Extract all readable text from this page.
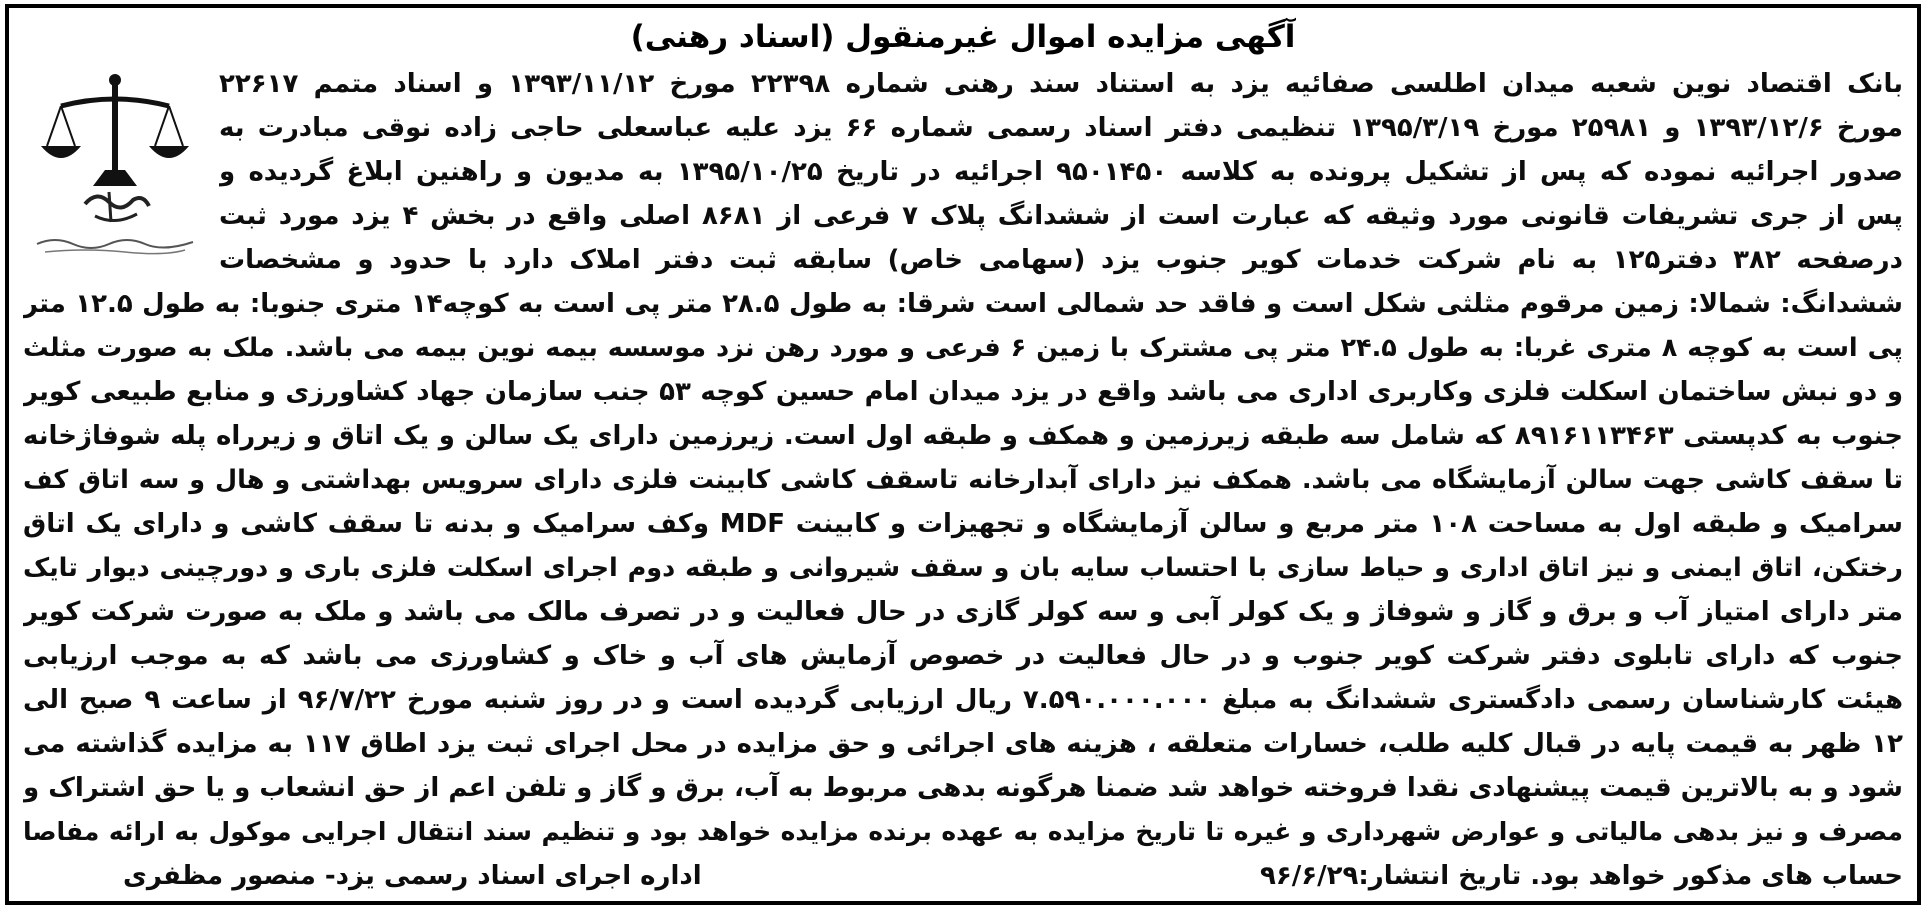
آگهی مزایده اموال غیرمنقول (اسناد رهنی)
بانک اقتصاد نوین شعبه میدان اطلسی صفائیه یزد به استناد سند رهنی شماره ۲۲۳۹۸ مورخ ۱۳۹۳/۱۱/۱۲ و اسناد متمم ۲۲۶۱۷
مورخ ۱۳۹۳/۱۲/۶ و ۲۵۹۸۱ مورخ ۱۳۹۵/۳/۱۹ تنظیمی دفتر اسناد رسمی شماره ۶۶ یزد علیه عباسعلی حاجی زاده نوقی مبادرت به
صدور اجرائیه نموده که پس از تشکیل پرونده به کلاسه ۹۵۰۱۴۵۰ اجرائیه در تاریخ ۱۳۹۵/۱۰/۲۵ به مدیون و راهنین ابلاغ گردیده و
پس از جری تشریفات قانونی مورد وثیقه که عبارت است از ششدانگ پلاک ۷ فرعی از ۸۶۸۱ اصلی واقع در بخش ۴ یزد مورد ثبت
درصفحه ۳۸۲ دفتر۱۲۵ به نام شرکت خدمات کویر جنوب یزد (سهامی خاص) سابقه ثبت دفتر املاک دارد با حدود و مشخصات
ششدانگ: شمالا: زمین مرقوم مثلثی شکل است و فاقد حد شمالی است شرقا: به طول ۲۸.۵ متر پی است به کوچه۱۴ متری جنوبا: به طول ۱۲.۵ متر
پی است به کوچه ۸ متری غربا: به طول ۲۴.۵ متر پی مشترک با زمین ۶ فرعی و مورد رهن نزد موسسه بیمه نوین بیمه می باشد. ملک به صورت مثلث
و دو نبش ساختمان اسکلت فلزی وکاربری اداری می باشد واقع در یزد میدان امام حسین کوچه ۵۳ جنب سازمان جهاد کشاورزی و منابع طبیعی کویر
جنوب به کدپستی ۸۹۱۶۱۱۳۴۶۳ که شامل سه طبقه زیرزمین و همکف و طبقه اول است. زیرزمین دارای یک سالن و یک اتاق و زیرراه پله شوفاژخانه
تا سقف کاشی جهت سالن آزمایشگاه می باشد. همکف نیز دارای آبدارخانه تاسقف کاشی کابینت فلزی دارای سرویس بهداشتی و هال و سه اتاق کف
سرامیک و طبقه اول به مساحت ۱۰۸ متر مربع و سالن آزمایشگاه و تجهیزات و کابینت MDF وکف سرامیک و بدنه تا سقف کاشی و دارای یک اتاق
رختکن، اتاق ایمنی و نیز اتاق اداری و حیاط سازی با احتساب سایه بان و سقف شیروانی و طبقه دوم اجرای اسکلت فلزی باری و دورچینی دیوار تایک
متر دارای امتیاز آب و برق و گاز و شوفاژ و یک کولر آبی و سه کولر گازی در حال فعالیت و در تصرف مالک می باشد و ملک به صورت شرکت کویر
جنوب که دارای تابلوی دفتر شرکت کویر جنوب و در حال فعالیت در خصوص آزمایش های آب و خاک و کشاورزی می باشد که به موجب ارزیابی
هیئت کارشناسان رسمی دادگستری ششدانگ به مبلغ ۷.۵۹۰.۰۰۰.۰۰۰ ریال ارزیابی گردیده است و در روز شنبه مورخ ۹۶/۷/۲۲ از ساعت ۹ صبح الی
۱۲ ظهر به قیمت پایه در قبال کلیه طلب، خسارات متعلقه ، هزینه های اجرائی و حق مزایده در محل اجرای ثبت یزد اطاق ۱۱۷ به مزایده گذاشته می
شود و به بالاترین قیمت پیشنهادی نقدا فروخته خواهد شد ضمنا هرگونه بدهی مربوط به آب، برق و گاز و تلفن اعم از حق انشعاب و یا حق اشتراک و
مصرف و نیز بدهی مالیاتی و عوارض شهرداری و غیره تا تاریخ مزایده به عهده برنده مزایده خواهد بود و تنظیم سند انتقال اجرایی موکول به ارائه مفاصا
حساب های مذکور خواهد بود. تاریخ انتشار:۹۶/۶/۲۹
اداره اجرای اسناد رسمی یزد- منصور مظفری
